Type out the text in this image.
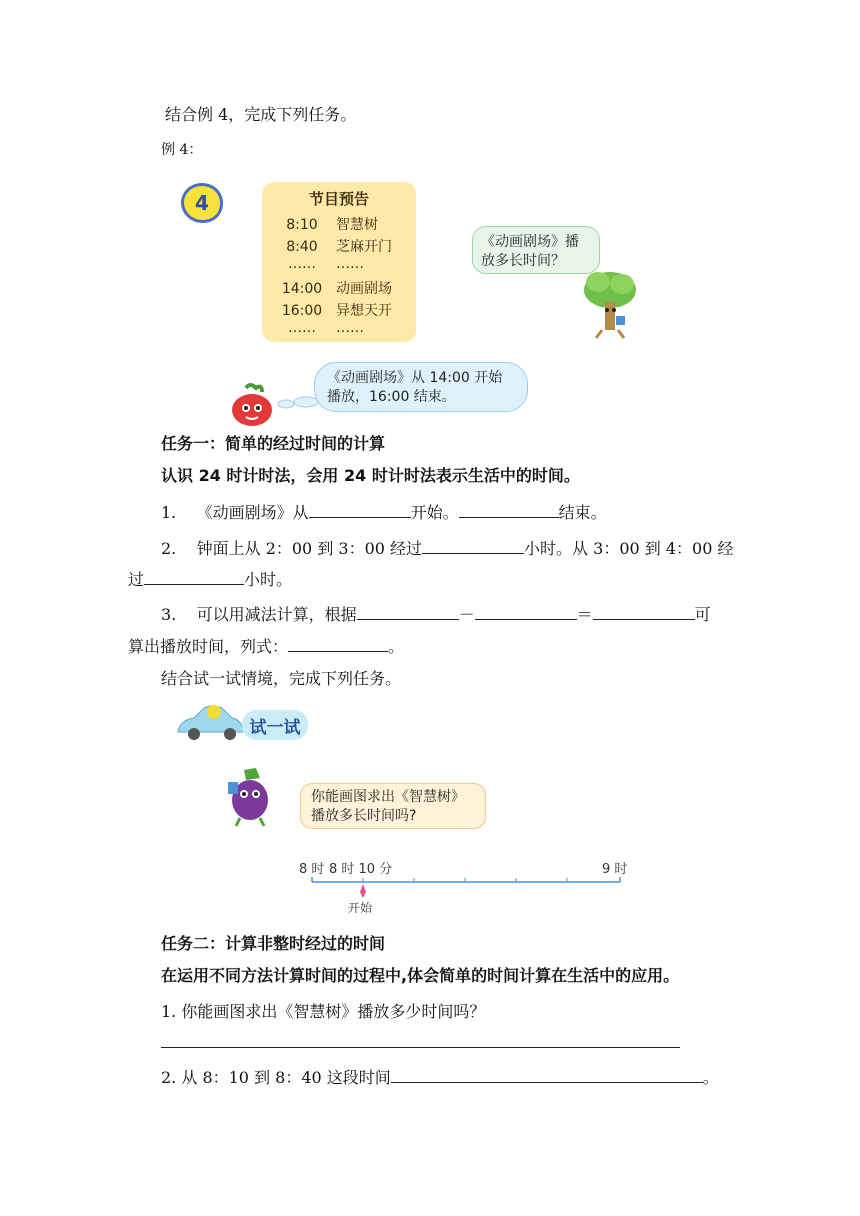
结合例 4，完成下列任务。
例 4：
4	节目预告
8:10 智慧树
8:40 芝麻开门
…… ……
14:00 动画剧场
16:00 异想天开
…… ……
《动画剧场》播放多长时间？
《动画剧场》从 14:00 开始播放，16:00 结束。
任务一：简单的经过时间的计算
认识 24 时计时法，会用 24 时计时法表示生活中的时间。
1. 《动画剧场》从	开始。	结束。
2. 钟面上从 2：00 到 3：00 经过	小时。从 3：00 到 4：00 经
过	小时。
3. 可以用减法计算，根据	－	＝	可
算出播放时间，列式：	。
结合试一试情境，完成下列任务。
试一试
你能画图求出《智慧树》播放多长时间吗?
8 时 8 时 10 分	9 时
开始
任务二：计算非整时经过的时间
在运用不同方法计算时间的过程中,体会简单的时间计算在生活中的应用。
1. 你能画图求出《智慧树》播放多少时间吗？
2. 从 8：10 到 8：40 这段时间	。
